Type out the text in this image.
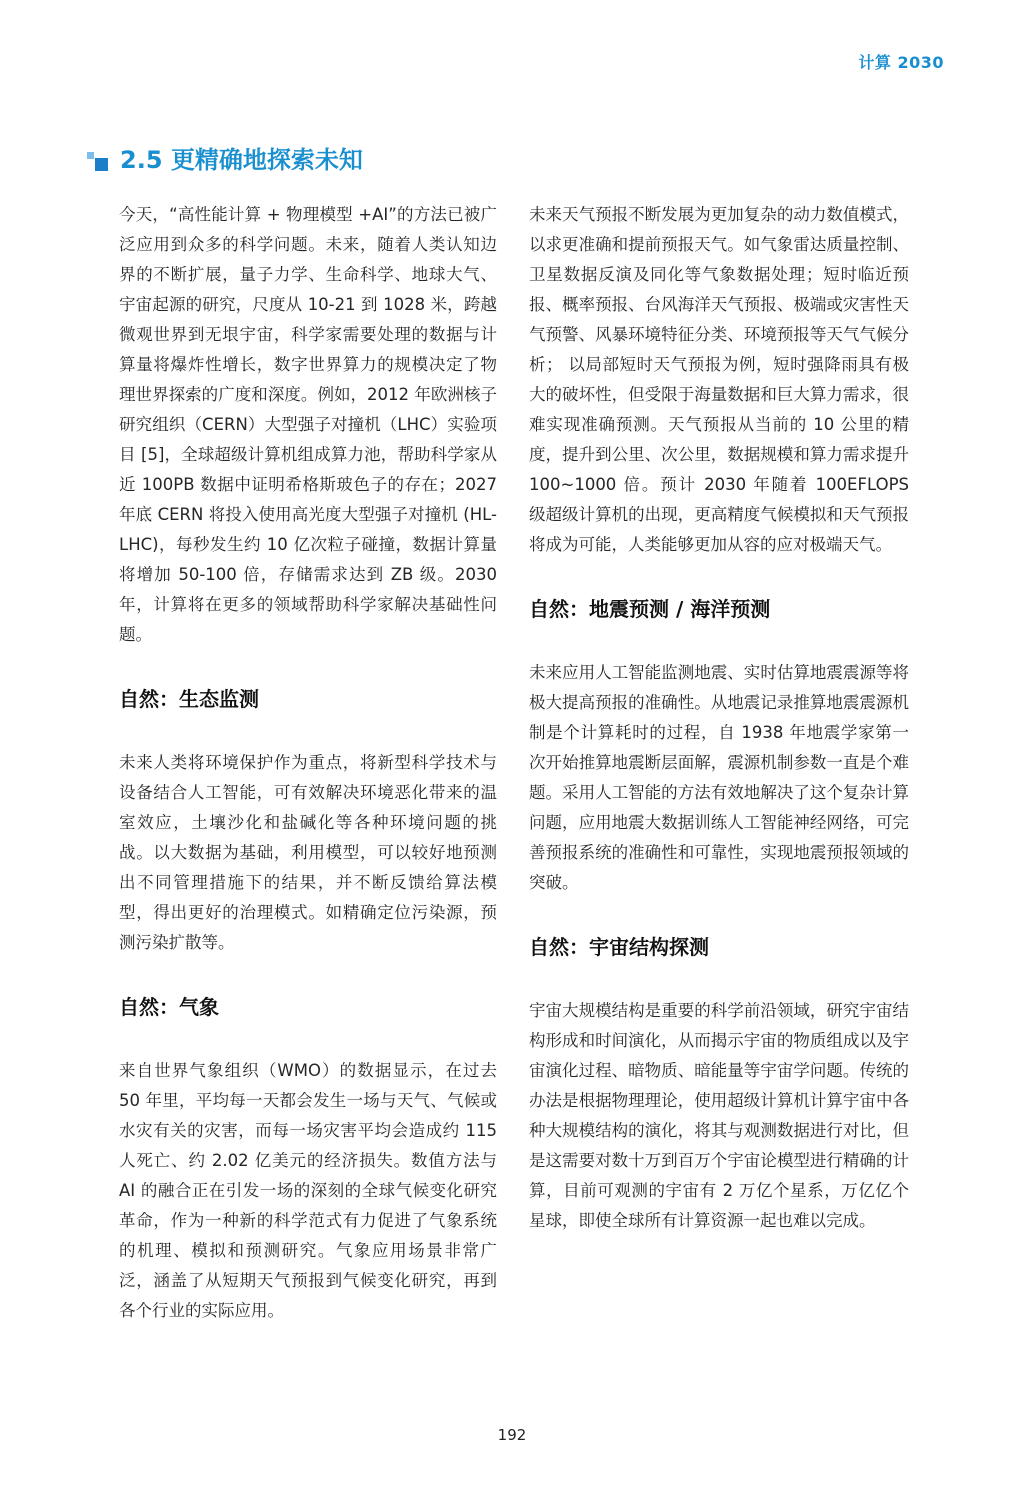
计算 2030
2.5 更精确地探索未知

今天，“高性能计算 + 物理模型 +AI”的方法已被广泛应用到众多的科学问题。未来，随着人类认知边界的不断扩展，量子力学、生命科学、地球大气、宇宙起源的研究，尺度从 10-21 到 1028 米，跨越微观世界到无垠宇宙，科学家需要处理的数据与计算量将爆炸性增长，数字世界算力的规模决定了物理世界探索的广度和深度。例如，2012 年欧洲核子研究组织（CERN）大型强子对撞机（LHC）实验项目 [5]，全球超级计算机组成算力池，帮助科学家从近 100PB 数据中证明希格斯玻色子的存在；2027 年底 CERN 将投入使用高光度大型强子对撞机 (HL-LHC)，每秒发生约 10 亿次粒子碰撞，数据计算量将增加 50-100 倍，存储需求达到 ZB 级。2030 年，计算将在更多的领域帮助科学家解决基础性问题。

自然：生态监测

未来人类将环境保护作为重点，将新型科学技术与设备结合人工智能，可有效解决环境恶化带来的温室效应，土壤沙化和盐碱化等各种环境问题的挑战。以大数据为基础，利用模型，可以较好地预测出不同管理措施下的结果，并不断反馈给算法模型，得出更好的治理模式。如精确定位污染源，预测污染扩散等。

自然：气象

来自世界气象组织（WMO）的数据显示，在过去 50 年里，平均每一天都会发生一场与天气、气候或水灾有关的灾害，而每一场灾害平均会造成约 115 人死亡、约 2.02 亿美元的经济损失。数值方法与 AI 的融合正在引发一场的深刻的全球气候变化研究革命，作为一种新的科学范式有力促进了气象系统的机理、模拟和预测研究。气象应用场景非常广泛，涵盖了从短期天气预报到气候变化研究，再到各个行业的实际应用。

未来天气预报不断发展为更加复杂的动力数值模式，以求更准确和提前预报天气。如气象雷达质量控制、卫星数据反演及同化等气象数据处理；短时临近预报、概率预报、台风海洋天气预报、极端或灾害性天气预警、风暴环境特征分类、环境预报等天气气候分析； 以局部短时天气预报为例，短时强降雨具有极大的破坏性，但受限于海量数据和巨大算力需求，很难实现准确预测。天气预报从当前的 10 公里的精度，提升到公里、次公里，数据规模和算力需求提升 100~1000 倍。预计 2030 年随着 100EFLOPS 级超级计算机的出现，更高精度气候模拟和天气预报将成为可能，人类能够更加从容的应对极端天气。

自然：地震预测 / 海洋预测

未来应用人工智能监测地震、实时估算地震震源等将极大提高预报的准确性。从地震记录推算地震震源机制是个计算耗时的过程，自 1938 年地震学家第一次开始推算地震断层面解，震源机制参数一直是个难题。采用人工智能的方法有效地解决了这个复杂计算问题，应用地震大数据训练人工智能神经网络，可完善预报系统的准确性和可靠性，实现地震预报领域的突破。

自然：宇宙结构探测

宇宙大规模结构是重要的科学前沿领域，研究宇宙结构形成和时间演化，从而揭示宇宙的物质组成以及宇宙演化过程、暗物质、暗能量等宇宙学问题。传统的办法是根据物理理论，使用超级计算机计算宇宙中各种大规模结构的演化，将其与观测数据进行对比，但是这需要对数十万到百万个宇宙论模型进行精确的计算，目前可观测的宇宙有 2 万亿个星系，万亿亿个星球，即使全球所有计算资源一起也难以完成。

192
